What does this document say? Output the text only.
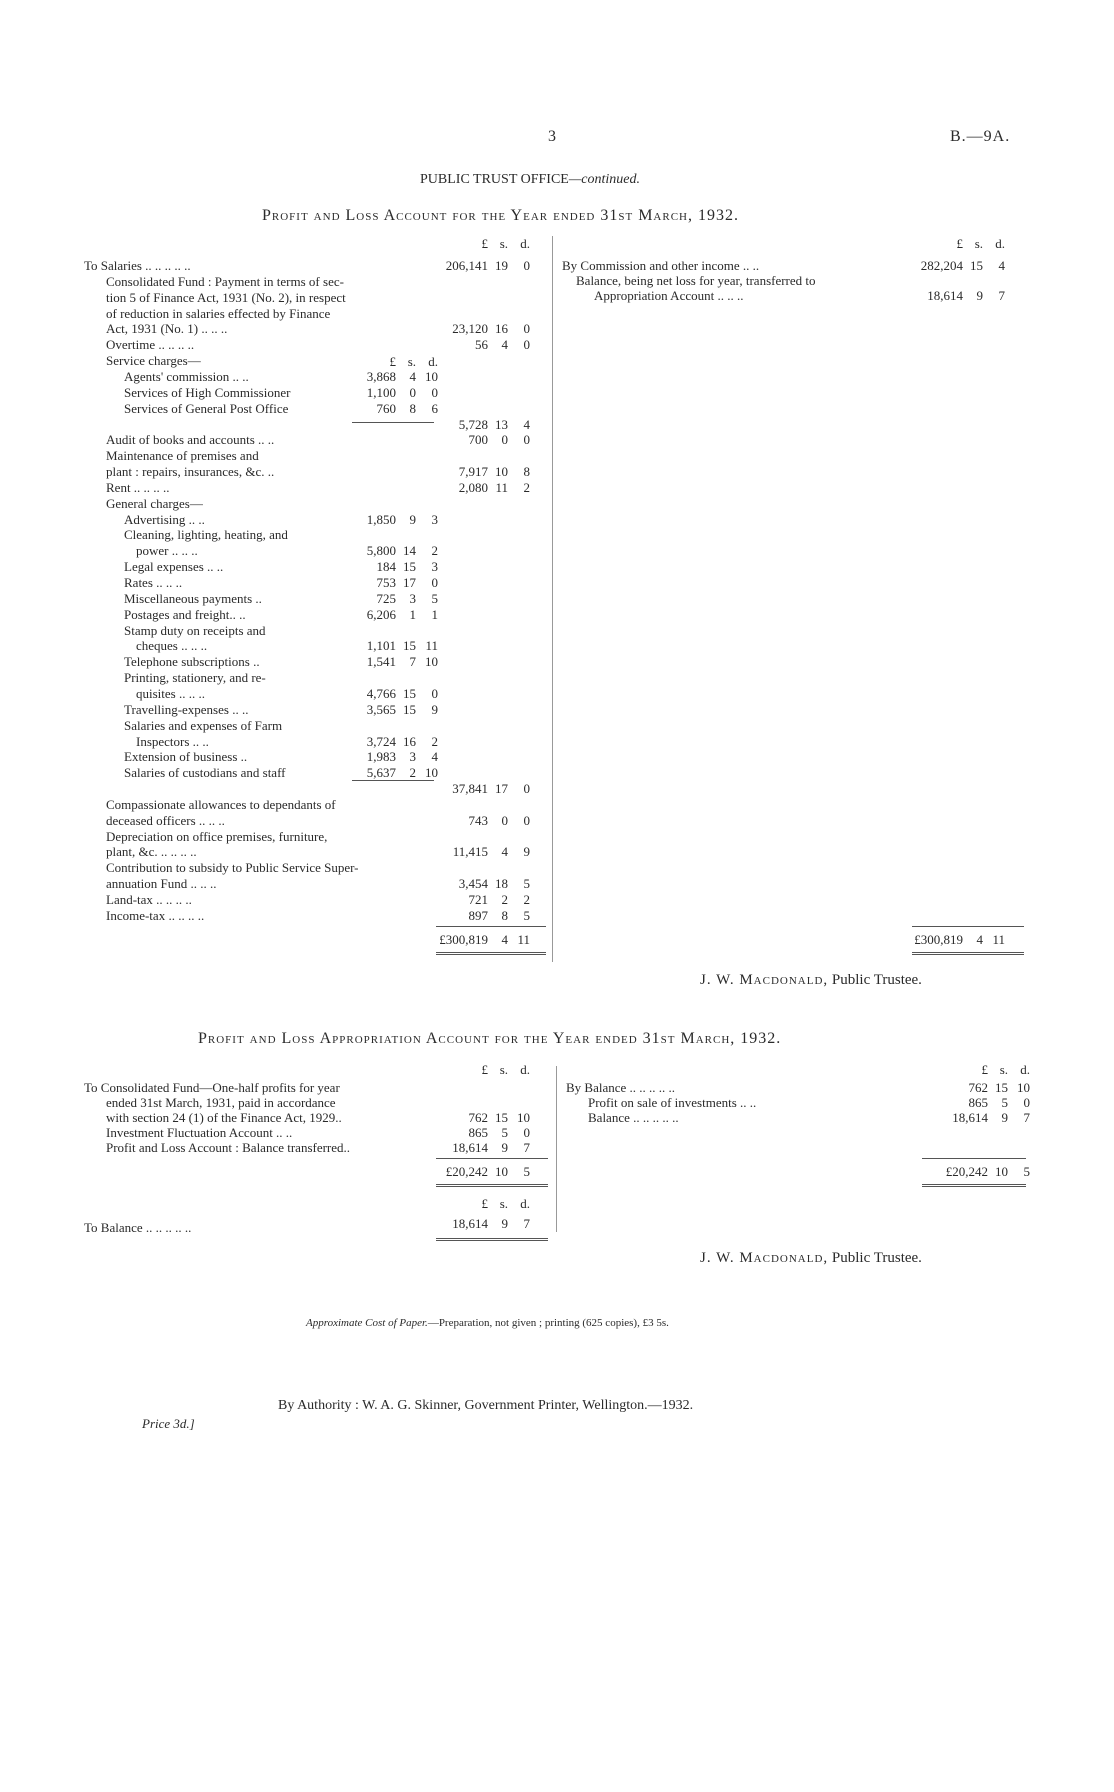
3	B.—9A.
PUBLIC TRUST OFFICE—continued.
Profit and Loss Account for the Year ended 31st March, 1932.
£ s. d.	£ s. d.
£ s. d.
To Salaries .. .. .. .. ..	206,141 19 0
Consolidated Fund : Payment in terms of sec-
tion 5 of Finance Act, 1931 (No. 2), in respect
of reduction in salaries effected by Finance
Act, 1931 (No. 1) .. .. ..	23,120 16 0
Overtime .. .. .. ..	56 4 0
Service charges—
Agents' commission .. ..	3,868 4 10
Services of High Commissioner	1,100 0 0
Services of General Post Office	760 8 6
5,728 13 4
Audit of books and accounts .. ..	700 0 0
Maintenance of premises and
plant : repairs, insurances, &c. ..	7,917 10 8
Rent .. .. .. ..	2,080 11 2
General charges—
Advertising .. ..	1,850 9 3
Cleaning, lighting, heating, and
power .. .. ..	5,800 14 2
Legal expenses .. ..	184 15 3
Rates .. .. ..	753 17 0
Miscellaneous payments ..	725 3 5
Postages and freight.. ..	6,206 1 1
Stamp duty on receipts and
cheques .. .. ..	1,101 15 11
Telephone subscriptions ..	1,541 7 10
Printing, stationery, and re-
quisites .. .. ..	4,766 15 0
Travelling-expenses .. ..	3,565 15 9
Salaries and expenses of Farm
Inspectors .. ..	3,724 16 2
Extension of business ..	1,983 3 4
Salaries of custodians and staff	5,637 2 10
37,841 17 0
Compassionate allowances to dependants of
deceased officers .. .. ..	743 0 0
Depreciation on office premises, furniture,
plant, &c. .. .. .. ..	11,415 4 9
Contribution to subsidy to Public Service Super-
annuation Fund .. .. ..	3,454 18 5
Land-tax .. .. .. ..	721 2 2
Income-tax .. .. .. ..	897 8 5
By Commission and other income .. ..	282,204 15 4
Balance, being net loss for year, transferred to
Appropriation Account .. .. ..	18,614 9 7
£300,819 4 11	£300,819 4 11
J. W. Macdonald, Public Trustee.
Profit and Loss Appropriation Account for the Year ended 31st March, 1932.
£ s. d.	£ s. d.
To Consolidated Fund—One-half profits for year
ended 31st March, 1931, paid in accordance
with section 24 (1) of the Finance Act, 1929..	762 15 10
Investment Fluctuation Account .. ..	865 5 0
Profit and Loss Account : Balance transferred..	18,614 9 7
By Balance .. .. .. .. ..	762 15 10
Profit on sale of investments .. ..	865 5 0
Balance .. .. .. .. ..	18,614 9 7
£20,242 10 5	£20,242 10 5
£ s. d.
To Balance .. .. .. .. ..	18,614 9 7
J. W. Macdonald, Public Trustee.
Approximate Cost of Paper.—Preparation, not given ; printing (625 copies), £3 5s.
By Authority : W. A. G. Skinner, Government Printer, Wellington.—1932.
Price 3d.]
